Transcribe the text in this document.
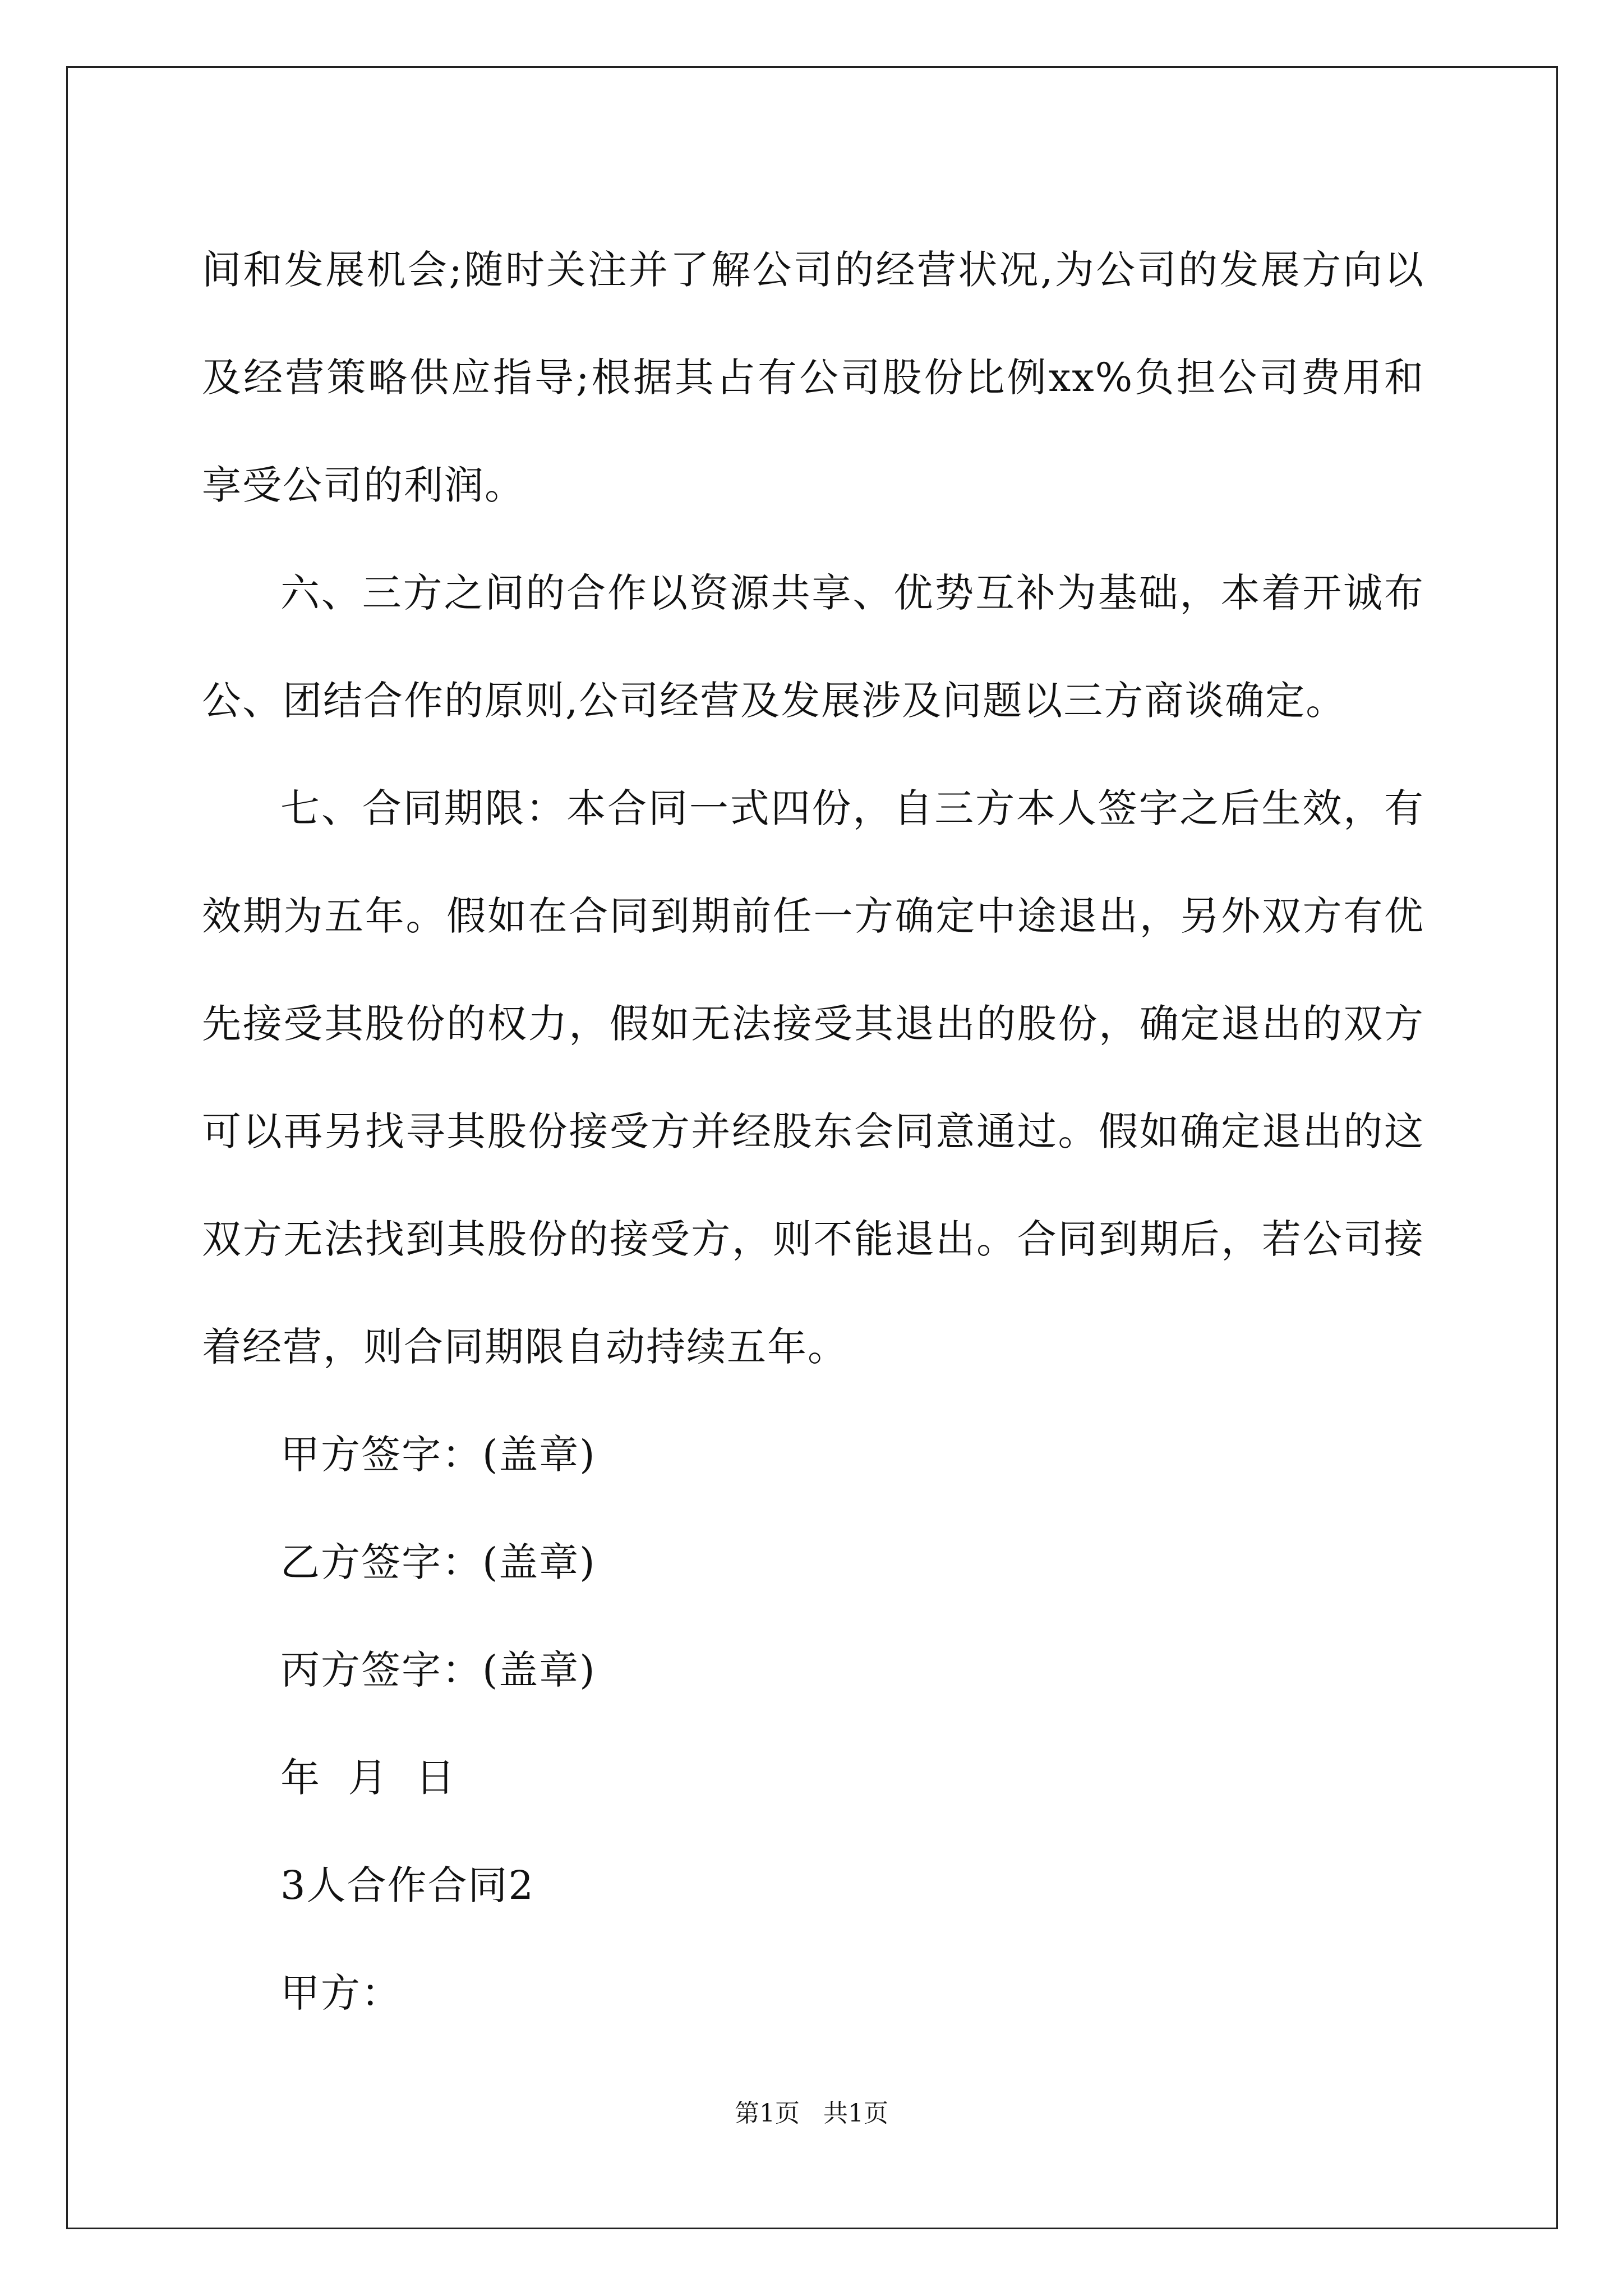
间和发展机会;随时关注并了解公司的经营状况,为公司的发展方向以及经营策略供应指导;根据其占有公司股份比例xx%负担公司费用和享受公司的利润。

六、三方之间的合作以资源共享、优势互补为基础，本着开诚布公、团结合作的原则,公司经营及发展涉及问题以三方商谈确定。

七、合同期限：本合同一式四份，自三方本人签字之后生效，有效期为五年。假如在合同到期前任一方确定中途退出，另外双方有优先接受其股份的权力，假如无法接受其退出的股份，确定退出的双方可以再另找寻其股份接受方并经股东会同意通过。假如确定退出的这双方无法找到其股份的接受方，则不能退出。合同到期后，若公司接着经营，则合同期限自动持续五年。

甲方签字：(盖章)

乙方签字：(盖章)

丙方签字：(盖章)

年  月  日

3人合作合同2

甲方：

第1页   共1页
